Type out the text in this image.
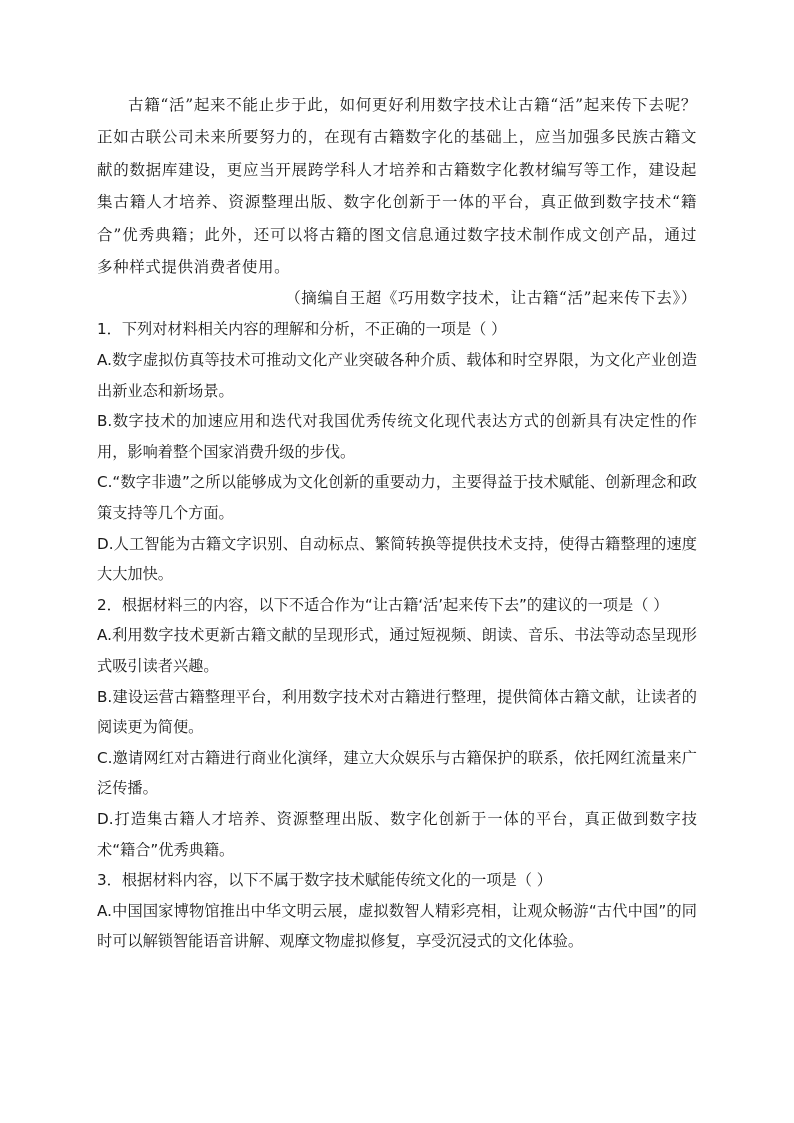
古籍“活”起来不能止步于此，如何更好利用数字技术让古籍“活”起来传下去呢？正如古联公司未来所要努力的，在现有古籍数字化的基础上，应当加强多民族古籍文献的数据库建设，更应当开展跨学科人才培养和古籍数字化教材编写等工作，建设起集古籍人才培养、资源整理出版、数字化创新于一体的平台，真正做到数字技术“籍合”优秀典籍；此外，还可以将古籍的图文信息通过数字技术制作成文创产品，通过多种样式提供消费者使用。

（摘编自王超《巧用数字技术，让古籍“活”起来传下去》）

1．下列对材料相关内容的理解和分析，不正确的一项是（ ）
A.数字虚拟仿真等技术可推动文化产业突破各种介质、载体和时空界限，为文化产业创造出新业态和新场景。
B.数字技术的加速应用和迭代对我国优秀传统文化现代表达方式的创新具有决定性的作用，影响着整个国家消费升级的步伐。
C.“数字非遗”之所以能够成为文化创新的重要动力，主要得益于技术赋能、创新理念和政策支持等几个方面。
D.人工智能为古籍文字识别、自动标点、繁简转换等提供技术支持，使得古籍整理的速度大大加快。
2．根据材料三的内容，以下不适合作为“让古籍‘活’起来传下去”的建议的一项是（ ）
A.利用数字技术更新古籍文献的呈现形式，通过短视频、朗读、音乐、书法等动态呈现形式吸引读者兴趣。
B.建设运营古籍整理平台，利用数字技术对古籍进行整理，提供简体古籍文献，让读者的阅读更为简便。
C.邀请网红对古籍进行商业化演绎，建立大众娱乐与古籍保护的联系，依托网红流量来广泛传播。
D.打造集古籍人才培养、资源整理出版、数字化创新于一体的平台，真正做到数字技术“籍合”优秀典籍。
3．根据材料内容，以下不属于数字技术赋能传统文化的一项是（ ）
A.中国国家博物馆推出中华文明云展，虚拟数智人精彩亮相，让观众畅游“古代中国”的同时可以解锁智能语音讲解、观摩文物虚拟修复，享受沉浸式的文化体验。
